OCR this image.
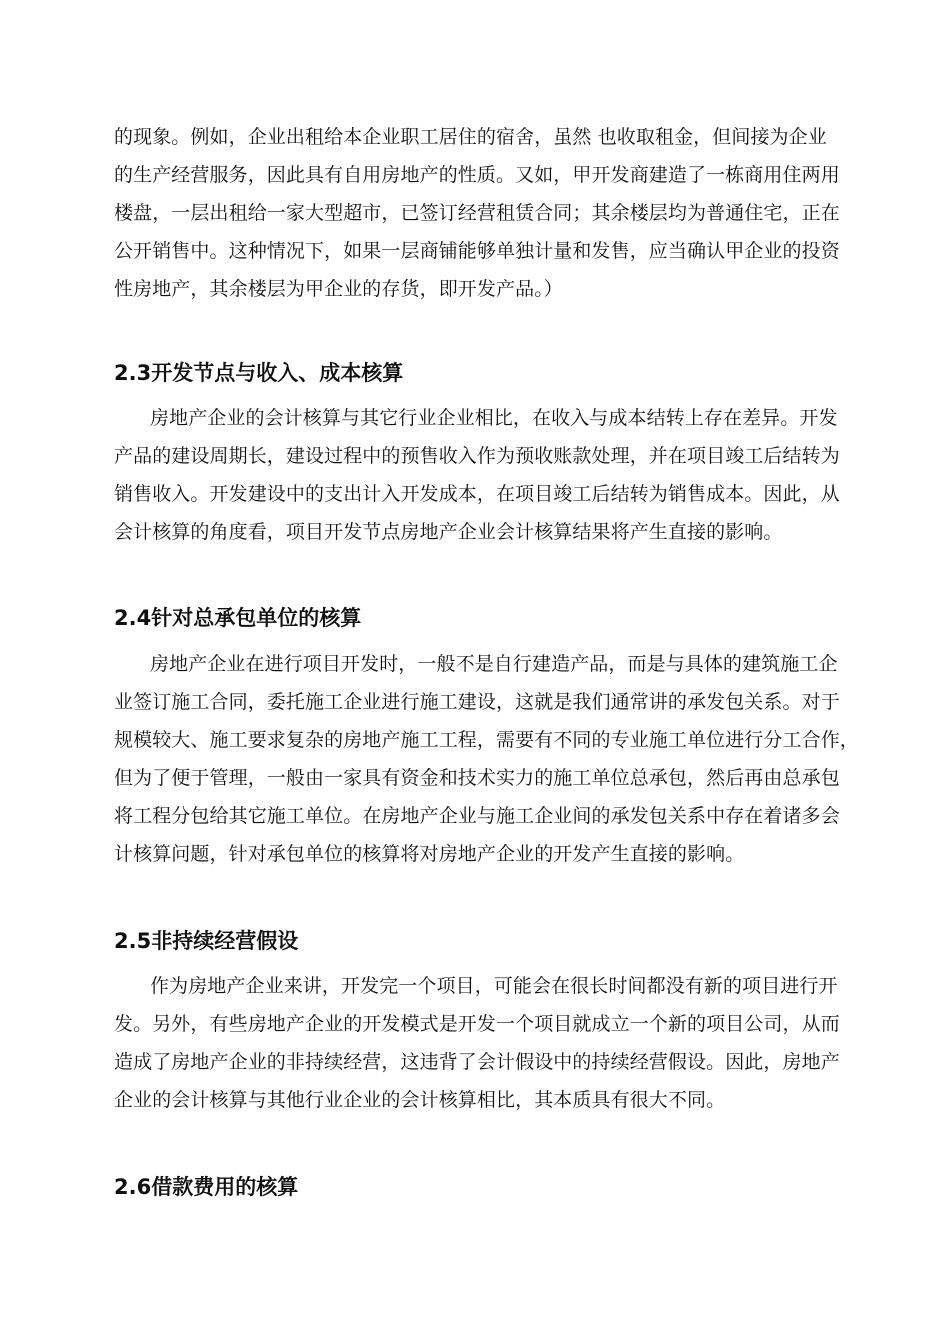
的现象。例如，企业出租给本企业职工居住的宿舍，虽然 也收取租金，但间接为企业
的生产经营服务，因此具有自用房地产的性质。又如，甲开发商建造了一栋商用住两用
楼盘，一层出租给一家大型超市，已签订经营租赁合同；其余楼层均为普通住宅，正在
公开销售中。这种情况下，如果一层商铺能够单独计量和发售，应当确认甲企业的投资
性房地产，其余楼层为甲企业的存货，即开发产品。）
2.3开发节点与收入、成本核算
房地产企业的会计核算与其它行业企业相比，在收入与成本结转上存在差异。开发
产品的建设周期长，建设过程中的预售收入作为预收账款处理，并在项目竣工后结转为
销售收入。开发建设中的支出计入开发成本，在项目竣工后结转为销售成本。因此，从
会计核算的角度看，项目开发节点房地产企业会计核算结果将产生直接的影响。
2.4针对总承包单位的核算
房地产企业在进行项目开发时，一般不是自行建造产品，而是与具体的建筑施工企
业签订施工合同，委托施工企业进行施工建设，这就是我们通常讲的承发包关系。对于
规模较大、施工要求复杂的房地产施工工程，需要有不同的专业施工单位进行分工合作，
但为了便于管理，一般由一家具有资金和技术实力的施工单位总承包，然后再由总承包
将工程分包给其它施工单位。在房地产企业与施工企业间的承发包关系中存在着诸多会
计核算问题，针对承包单位的核算将对房地产企业的开发产生直接的影响。
2.5非持续经营假设
作为房地产企业来讲，开发完一个项目，可能会在很长时间都没有新的项目进行开
发。另外，有些房地产企业的开发模式是开发一个项目就成立一个新的项目公司，从而
造成了房地产企业的非持续经营，这违背了会计假设中的持续经营假设。因此，房地产
企业的会计核算与其他行业企业的会计核算相比，其本质具有很大不同。
2.6借款费用的核算
